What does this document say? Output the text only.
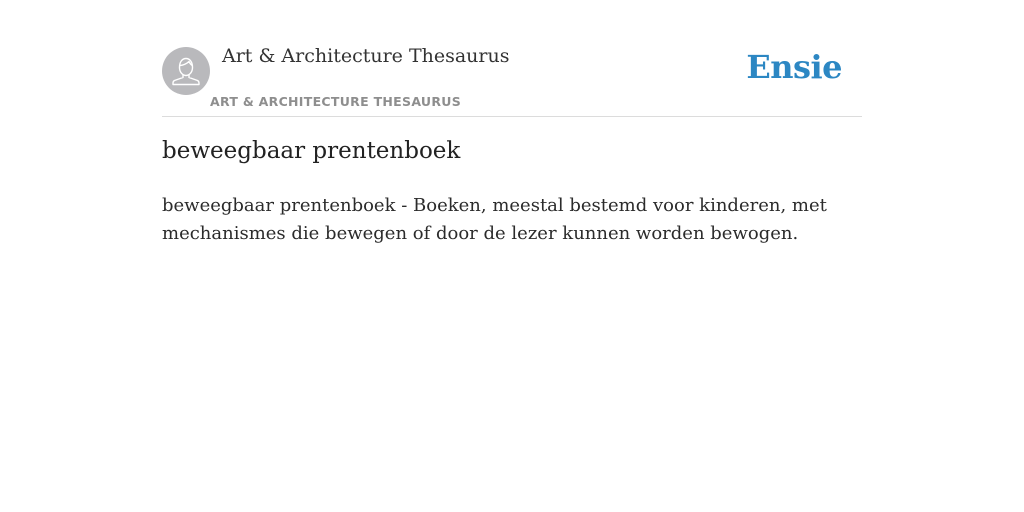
Art & Architecture Thesaurus
ART & ARCHITECTURE THESAURUS
Ensie
beweegbaar prentenboek

beweegbaar prentenboek - Boeken, meestal bestemd voor kinderen, met mechanismes die bewegen of door de lezer kunnen worden bewogen.
